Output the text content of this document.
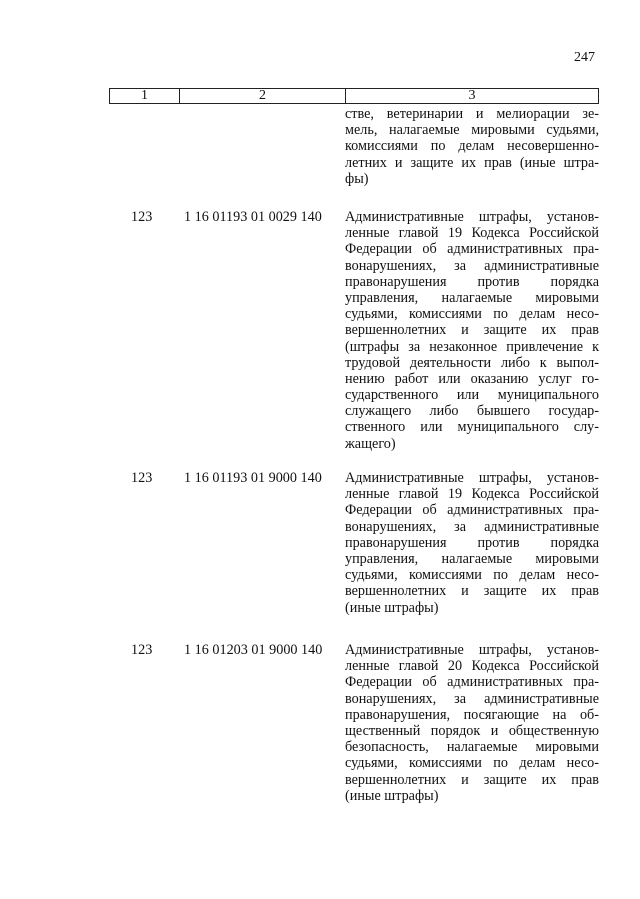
247
1	2	3
стве, ветеринарии и мелиорации зе-
мель, налагаемые мировыми судьями,
комиссиями по делам несовершенно-
летних и защите их прав (иные штра-
фы)
123	1 16 01193 01 0029 140	Административные штрафы, установ-
ленные главой 19 Кодекса Российской
Федерации об административных пра-
вонарушениях, за административные
правонарушения против порядка
управления, налагаемые мировыми
судьями, комиссиями по делам несо-
вершеннолетних и защите их прав
(штрафы за незаконное привлечение к
трудовой деятельности либо к выпол-
нению работ или оказанию услуг го-
сударственного или муниципального
служащего либо бывшего государ-
ственного или муниципального слу-
жащего)
123	1 16 01193 01 9000 140	Административные штрафы, установ-
ленные главой 19 Кодекса Российской
Федерации об административных пра-
вонарушениях, за административные
правонарушения против порядка
управления, налагаемые мировыми
судьями, комиссиями по делам несо-
вершеннолетних и защите их прав
(иные штрафы)
123	1 16 01203 01 9000 140	Административные штрафы, установ-
ленные главой 20 Кодекса Российской
Федерации об административных пра-
вонарушениях, за административные
правонарушения, посягающие на об-
щественный порядок и общественную
безопасность, налагаемые мировыми
судьями, комиссиями по делам несо-
вершеннолетних и защите их прав
(иные штрафы)
